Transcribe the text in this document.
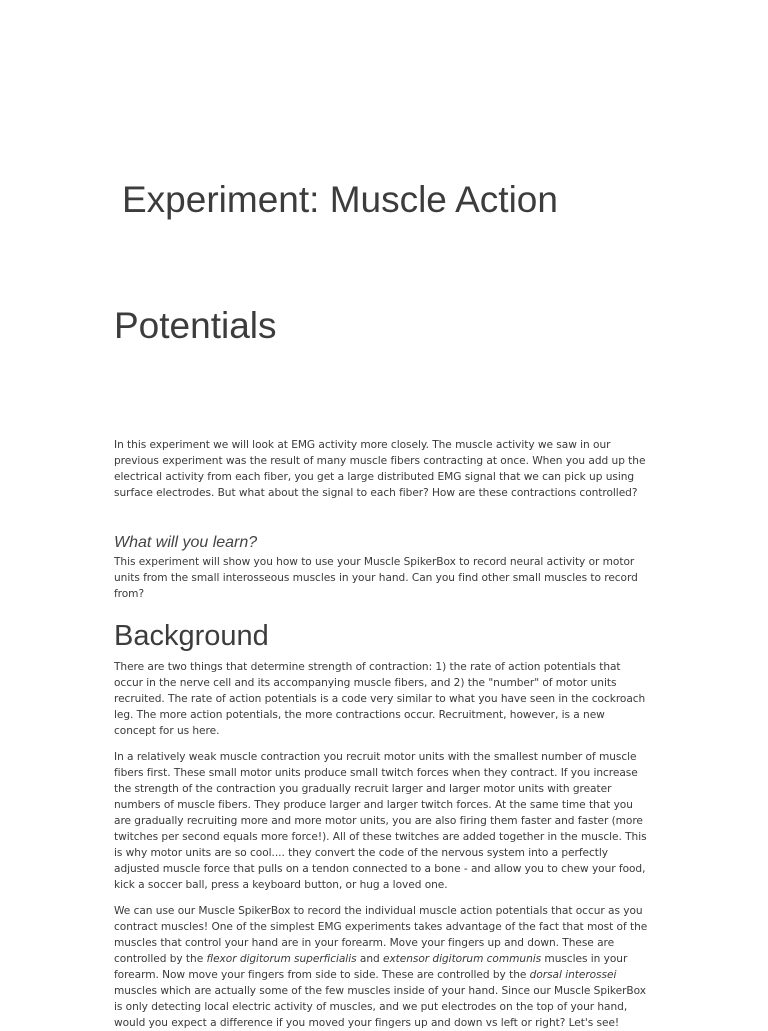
Experiment: Muscle Action

Potentials

In this experiment we will look at EMG activity more closely. The muscle activity we saw in our previous experiment was the result of many muscle fibers contracting at once. When you add up the electrical activity from each fiber, you get a large distributed EMG signal that we can pick up using surface electrodes. But what about the signal to each fiber? How are these contractions controlled?

What will you learn?

This experiment will show you how to use your Muscle SpikerBox to record neural activity or motor units from the small interosseous muscles in your hand. Can you find other small muscles to record from?

Background

There are two things that determine strength of contraction: 1) the rate of action potentials that occur in the nerve cell and its accompanying muscle fibers, and 2) the "number" of motor units recruited. The rate of action potentials is a code very similar to what you have seen in the cockroach leg. The more action potentials, the more contractions occur. Recruitment, however, is a new concept for us here.

In a relatively weak muscle contraction you recruit motor units with the smallest number of muscle fibers first. These small motor units produce small twitch forces when they contract. If you increase the strength of the contraction you gradually recruit larger and larger motor units with greater numbers of muscle fibers. They produce larger and larger twitch forces. At the same time that you are gradually recruiting more and more motor units, you are also firing them faster and faster (more twitches per second equals more force!). All of these twitches are added together in the muscle. This is why motor units are so cool.... they convert the code of the nervous system into a perfectly adjusted muscle force that pulls on a tendon connected to a bone - and allow you to chew your food, kick a soccer ball, press a keyboard button, or hug a loved one.

We can use our Muscle SpikerBox to record the individual muscle action potentials that occur as you contract muscles! One of the simplest EMG experiments takes advantage of the fact that most of the muscles that control your hand are in your forearm. Move your fingers up and down. These are controlled by the flexor digitorum superficialis and extensor digitorum communis muscles in your forearm. Now move your fingers from side to side. These are controlled by the dorsal interossei muscles which are actually some of the few muscles inside of your hand. Since our Muscle SpikerBox is only detecting local electric activity of muscles, and we put electrodes on the top of your hand, would you expect a difference if you moved your fingers up and down vs left or right? Let's see!
